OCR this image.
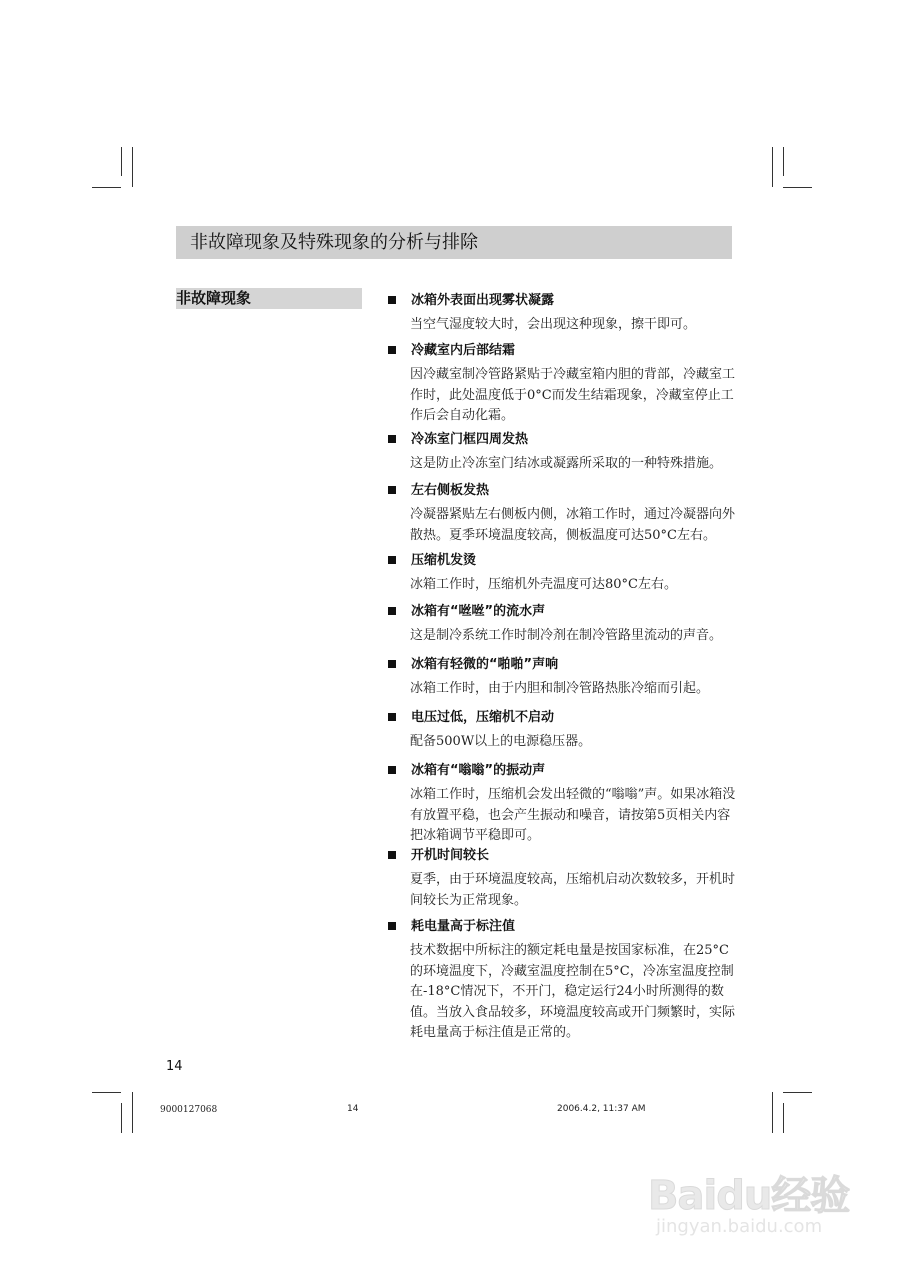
非故障现象及特殊现象的分析与排除
非故障现象	冰箱外表面出现雾状凝露
当空气湿度较大时，会出现这种现象，擦干即可。
冷藏室内后部结霜
因冷藏室制冷管路紧贴于冷藏室箱内胆的背部，冷藏室工作时，此处温度低于0°C而发生结霜现象，冷藏室停止工作后会自动化霜。
冷冻室门框四周发热
这是防止冷冻室门结冰或凝露所采取的一种特殊措施。
左右侧板发热
冷凝器紧贴左右侧板内侧，冰箱工作时，通过冷凝器向外散热。夏季环境温度较高，侧板温度可达50°C左右。
压缩机发烫
冰箱工作时，压缩机外壳温度可达80°C左右。
冰箱有“咝咝”的流水声
这是制冷系统工作时制冷剂在制冷管路里流动的声音。
冰箱有轻微的“啪啪”声响
冰箱工作时，由于内胆和制冷管路热胀冷缩而引起。
电压过低，压缩机不启动
配备500W以上的电源稳压器。
冰箱有“嗡嗡”的振动声
冰箱工作时，压缩机会发出轻微的“嗡嗡”声。如果冰箱没有放置平稳，也会产生振动和噪音，请按第5页相关内容把冰箱调节平稳即可。
开机时间较长
夏季，由于环境温度较高，压缩机启动次数较多，开机时间较长为正常现象。
耗电量高于标注值
技术数据中所标注的额定耗电量是按国家标准，在25°C的环境温度下，冷藏室温度控制在5°C，冷冻室温度控制在-18°C情况下，不开门，稳定运行24小时所测得的数值。当放入食品较多，环境温度较高或开门频繁时，实际耗电量高于标注值是正常的。
14
9000127068	14	2006.4.2, 11:37 AM
Baidu经验
jingyan.baidu.com
